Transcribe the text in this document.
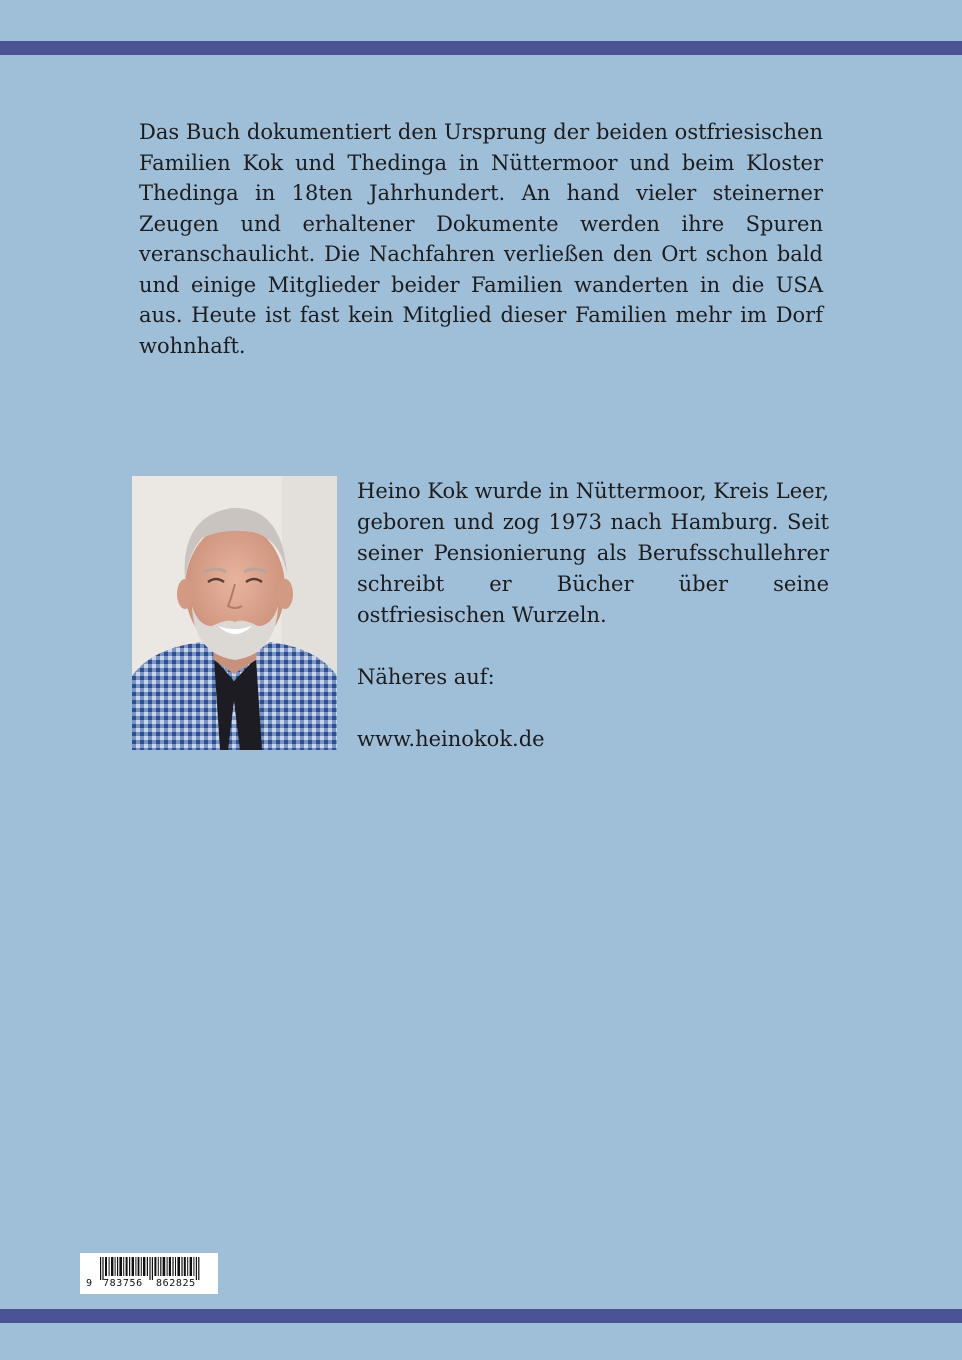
Das Buch dokumentiert den Ursprung der beiden ostfriesischen Familien Kok und Thedinga in Nüttermoor und beim Kloster Thedinga in 18ten Jahrhundert. An hand vieler steinerner Zeugen und erhaltener Dokumente werden ihre Spuren veranschaulicht. Die Nachfahren verließen den Ort schon bald und einige Mitglieder beider Familien wanderten in die USA aus. Heute ist fast kein Mitglied dieser Familien mehr im Dorf wohnhaft.

Heino Kok wurde in Nüttermoor, Kreis Leer, geboren und zog 1973 nach Hamburg. Seit seiner Pensionierung als Berufsschullehrer schreibt er Bücher über seine ostfriesischen Wurzeln.

Näheres auf:

www.heinokok.de

9 783756 862825
